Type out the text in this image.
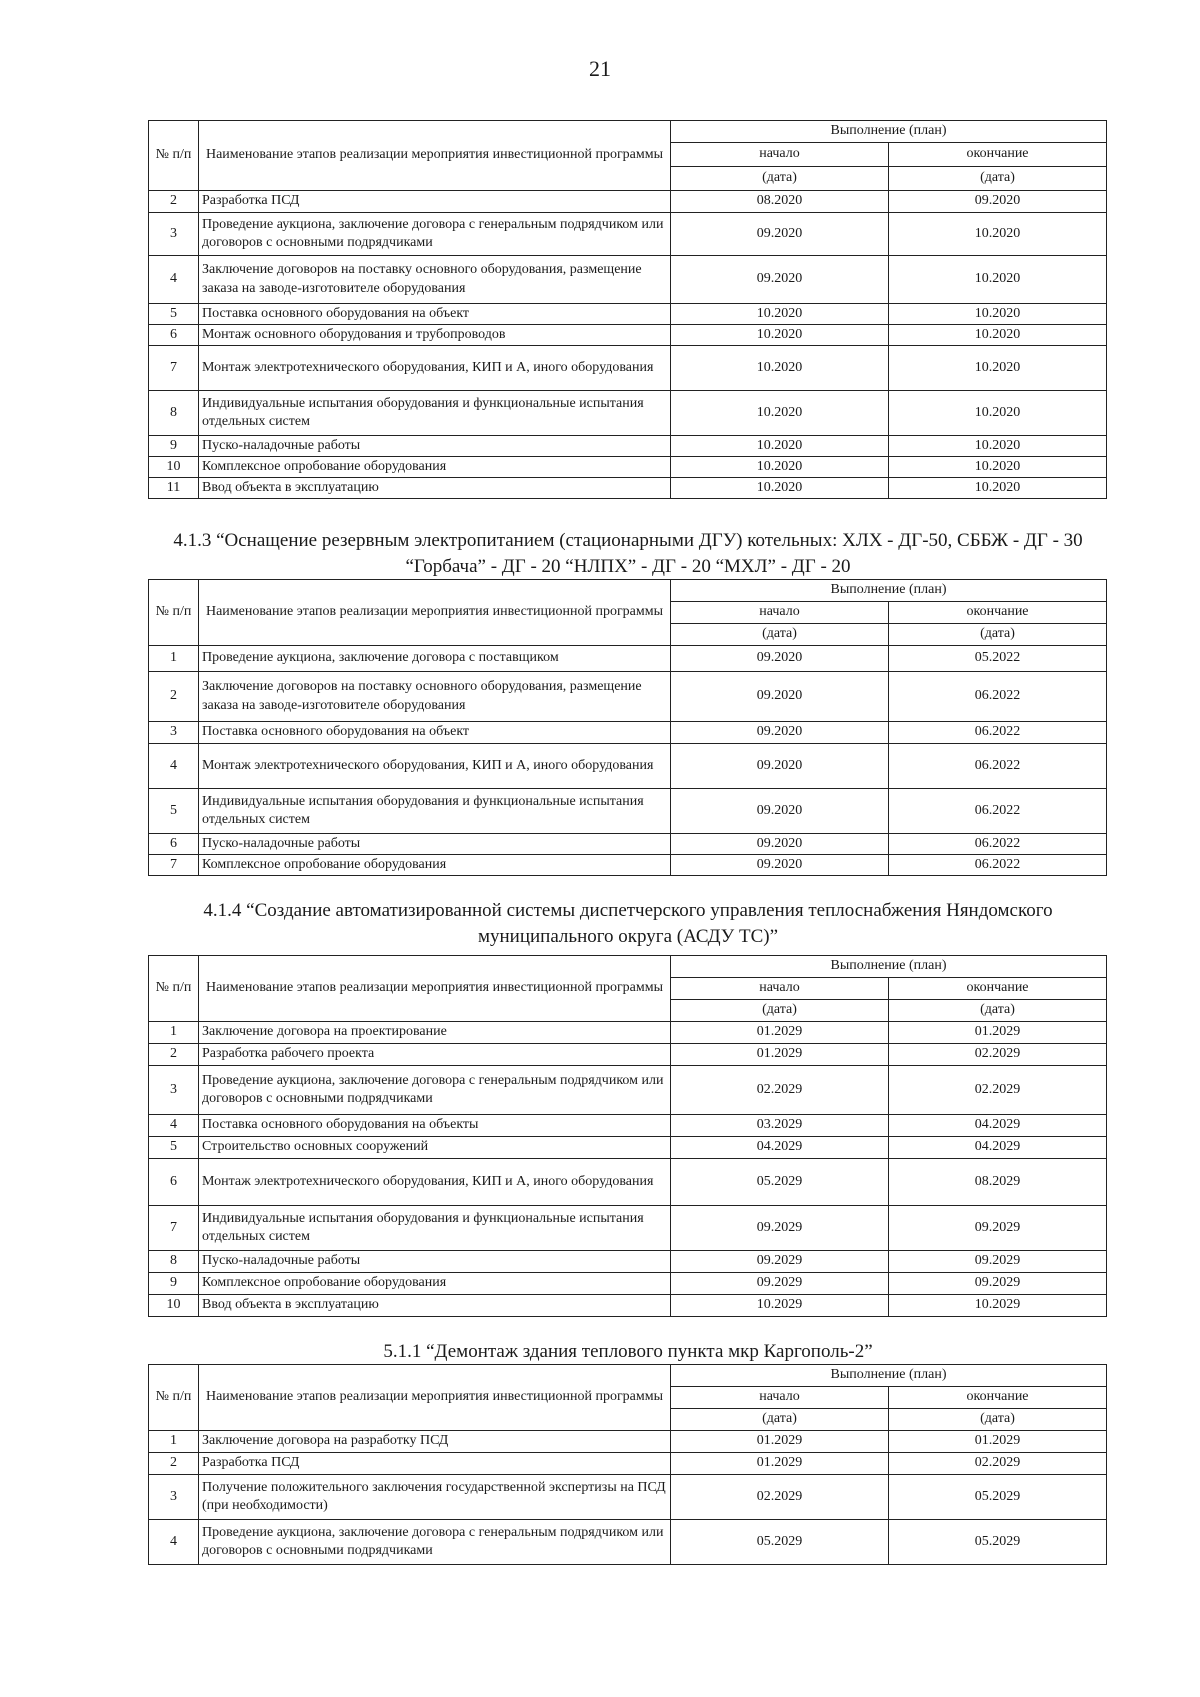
21
№ п/п	Наименование этапов реализации мероприятия инвестиционной программы	Выполнение (план)	
		начало	окончание
		(дата)	(дата)
2	Разработка ПСД	08.2020	09.2020
3	Проведение аукциона, заключение договора с генеральным подрядчиком или договоров с основными подрядчиками	09.2020	10.2020
4	Заключение договоров на поставку основного оборудования, размещение заказа на заводе-изготовителе оборудования	09.2020	10.2020
5	Поставка основного оборудования на объект	10.2020	10.2020
6	Монтаж основного оборудования и трубопроводов	10.2020	10.2020
7	Монтаж электротехнического оборудования, КИП и А, иного оборудования	10.2020	10.2020
8	Индивидуальные испытания оборудования и функциональные испытания отдельных систем	10.2020	10.2020
9	Пуско-наладочные работы	10.2020	10.2020
10	Комплексное опробование оборудования	10.2020	10.2020
11	Ввод объекта в эксплуатацию	10.2020	10.2020
4.1.3 “Оснащение резервным электропитанием (стационарными ДГУ) котельных: ХЛХ - ДГ-50, СББЖ - ДГ - 30 “Горбача” - ДГ - 20 “НЛПХ” - ДГ - 20 “МХЛ” - ДГ - 20
№ п/п	Наименование этапов реализации мероприятия инвестиционной программы	Выполнение (план)	
		начало	окончание
		(дата)	(дата)
1	Проведение аукциона, заключение договора с поставщиком	09.2020	05.2022
2	Заключение договоров на поставку основного оборудования, размещение заказа на заводе-изготовителе оборудования	09.2020	06.2022
3	Поставка основного оборудования на объект	09.2020	06.2022
4	Монтаж электротехнического оборудования, КИП и А, иного оборудования	09.2020	06.2022
5	Индивидуальные испытания оборудования и функциональные испытания отдельных систем	09.2020	06.2022
6	Пуско-наладочные работы	09.2020	06.2022
7	Комплексное опробование оборудования	09.2020	06.2022
4.1.4 “Создание автоматизированной системы диспетчерского управления теплоснабжения Няндомского муниципального округа (АСДУ ТС)”
№ п/п	Наименование этапов реализации мероприятия инвестиционной программы	Выполнение (план)	
		начало	окончание
		(дата)	(дата)
1	Заключение договора на проектирование	01.2029	01.2029
2	Разработка рабочего проекта	01.2029	02.2029
3	Проведение аукциона, заключение договора с генеральным подрядчиком или договоров с основными подрядчиками	02.2029	02.2029
4	Поставка основного оборудования на объекты	03.2029	04.2029
5	Строительство основных сооружений	04.2029	04.2029
6	Монтаж электротехнического оборудования, КИП и А, иного оборудования	05.2029	08.2029
7	Индивидуальные испытания оборудования и функциональные испытания отдельных систем	09.2029	09.2029
8	Пуско-наладочные работы	09.2029	09.2029
9	Комплексное опробование оборудования	09.2029	09.2029
10	Ввод объекта в эксплуатацию	10.2029	10.2029
5.1.1 “Демонтаж здания теплового пункта мкр Каргополь-2”
№ п/п	Наименование этапов реализации мероприятия инвестиционной программы	Выполнение (план)	
		начало	окончание
		(дата)	(дата)
1	Заключение договора на разработку ПСД	01.2029	01.2029
2	Разработка ПСД	01.2029	02.2029
3	Получение положительного заключения государственной экспертизы на ПСД (при необходимости)	02.2029	05.2029
4	Проведение аукциона, заключение договора с генеральным подрядчиком или договоров с основными подрядчиками	05.2029	05.2029
